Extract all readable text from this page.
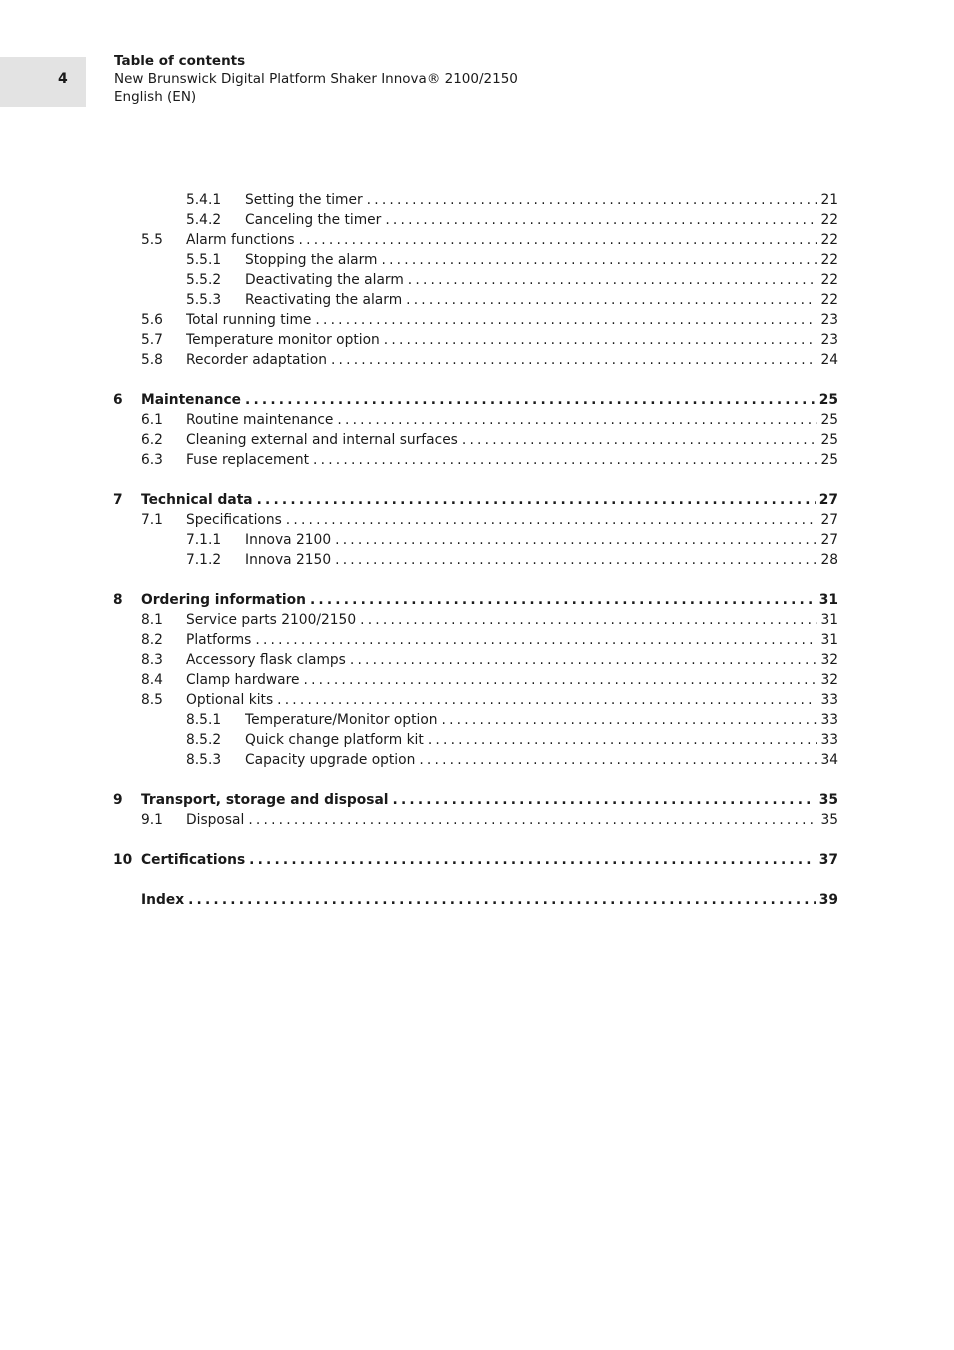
4
Table of contents
New Brunswick Digital Platform Shaker Innova® 2100/2150
English (EN)
5.4.1 Setting the timer .....	21
5.4.2 Canceling the timer .....	22
5.5 Alarm functions .....	22
5.5.1 Stopping the alarm .....	22
5.5.2 Deactivating the alarm .....	22
5.5.3 Reactivating the alarm .....	22
5.6 Total running time .....	23
5.7 Temperature monitor option .....	23
5.8 Recorder adaptation .....	24
6 Maintenance .....	25
6.1 Routine maintenance .....	25
6.2 Cleaning external and internal surfaces .....	25
6.3 Fuse replacement .....	25
7 Technical data .....	27
7.1 Specifications .....	27
7.1.1 Innova 2100 .....	27
7.1.2 Innova 2150 .....	28
8 Ordering information .....	31
8.1 Service parts 2100/2150 .....	31
8.2 Platforms .....	31
8.3 Accessory flask clamps .....	32
8.4 Clamp hardware .....	32
8.5 Optional kits .....	33
8.5.1 Temperature/Monitor option .....	33
8.5.2 Quick change platform kit .....	33
8.5.3 Capacity upgrade option .....	34
9 Transport, storage and disposal .....	35
9.1 Disposal .....	35
10 Certifications .....	37
Index .....	39
